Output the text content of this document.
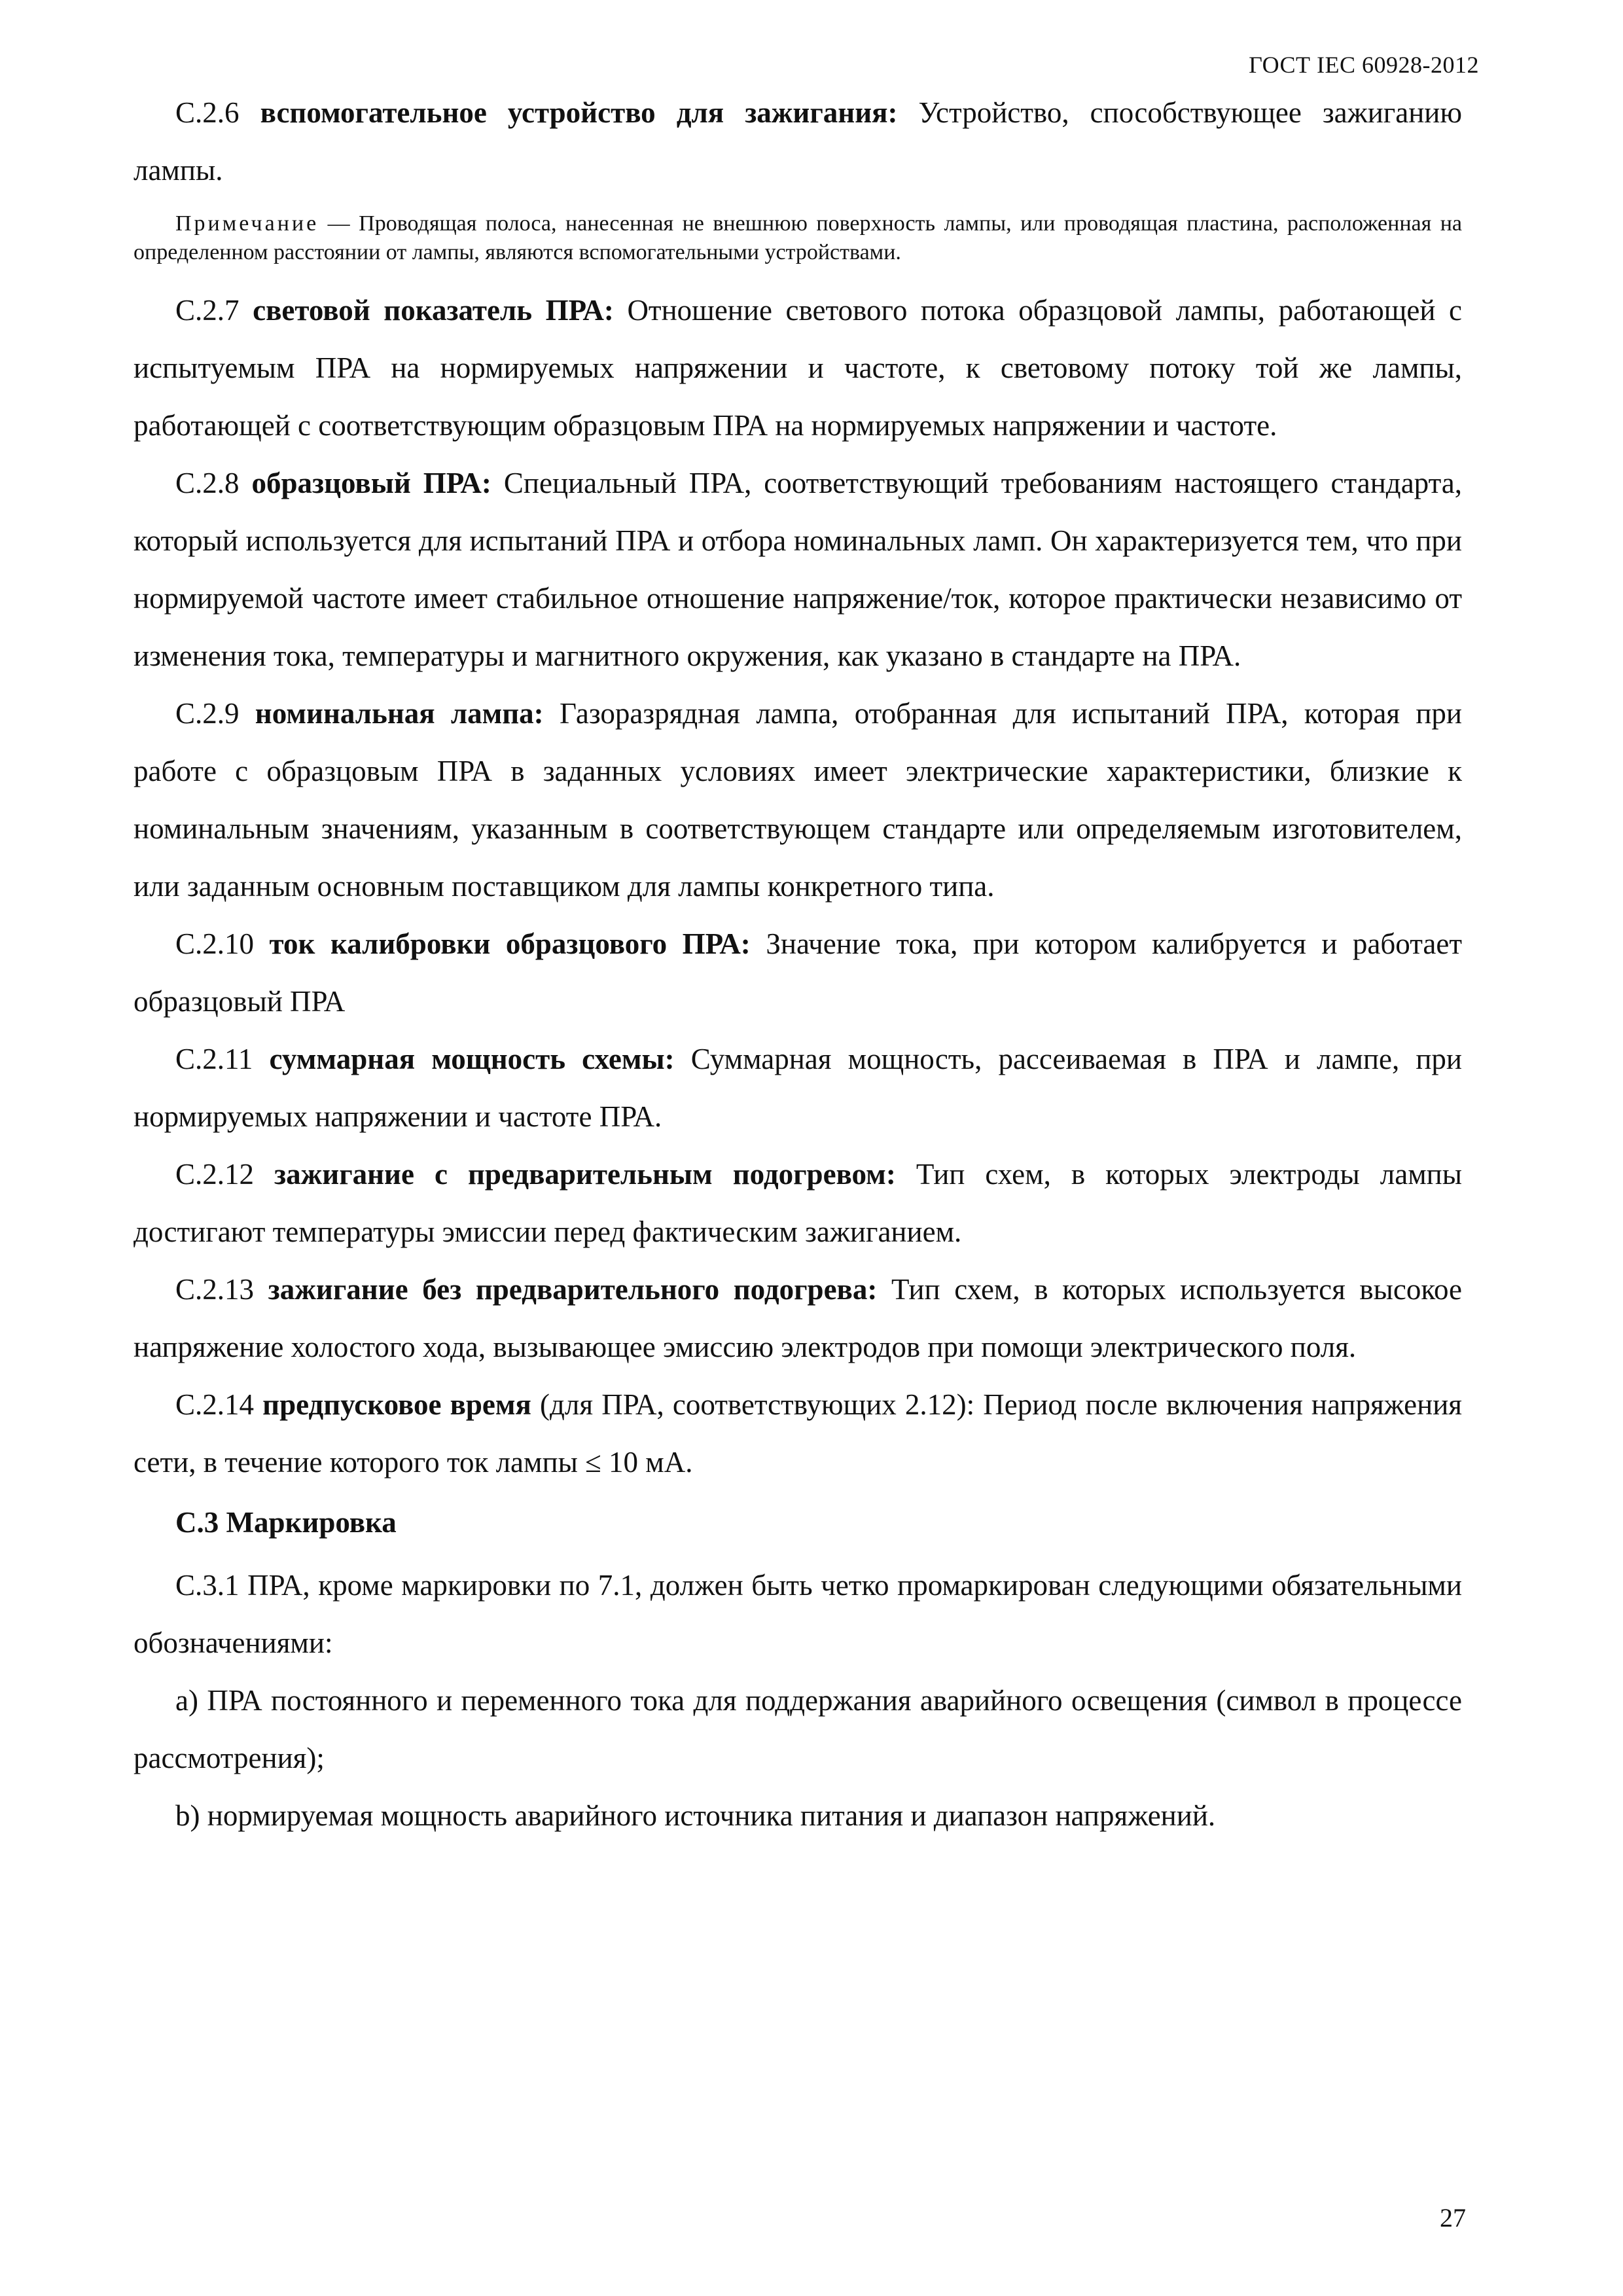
ГОСТ IEC 60928-2012

С.2.6 вспомогательное устройство для зажигания: Устройство, способствующее зажиганию лампы.

Примечание — Проводящая полоса, нанесенная не внешнюю поверхность лампы, или проводящая пластина, расположенная на определенном расстоянии от лампы, являются вспомогательными устройствами.

С.2.7 световой показатель ПРА: Отношение светового потока образцовой лампы, работающей с испытуемым ПРА на нормируемых напряжении и частоте, к световому потоку той же лампы, работающей с соответствующим образцовым ПРА на нормируемых напряжении и частоте.

С.2.8 образцовый ПРА: Специальный ПРА, соответствующий требованиям настоящего стандарта, который используется для испытаний ПРА и отбора номинальных ламп. Он характеризуется тем, что при нормируемой частоте имеет стабильное отношение напряжение/ток, которое практически независимо от изменения тока, температуры и магнитного окружения, как указано в стандарте на ПРА.

С.2.9 номинальная лампа: Газоразрядная лампа, отобранная для испытаний ПРА, которая при работе с образцовым ПРА в заданных условиях имеет электрические характеристики, близкие к номинальным значениям, указанным в соответствующем стандарте или определяемым изготовителем, или заданным основным поставщиком для лампы конкретного типа.

С.2.10 ток калибровки образцового ПРА: Значение тока, при котором калибруется и работает образцовый ПРА

С.2.11 суммарная мощность схемы: Суммарная мощность, рассеиваемая в ПРА и лампе, при нормируемых напряжении и частоте ПРА.

С.2.12 зажигание с предварительным подогревом: Тип схем, в которых электроды лампы достигают температуры эмиссии перед фактическим зажиганием.

С.2.13 зажигание без предварительного подогрева: Тип схем, в которых используется высокое напряжение холостого хода, вызывающее эмиссию электродов при помощи электрического поля.

С.2.14 предпусковое время (для ПРА, соответствующих 2.12): Период после включения напряжения сети, в течение которого ток лампы ≤ 10 мА.

С.3 Маркировка

С.3.1 ПРА, кроме маркировки по 7.1, должен быть четко промаркирован следующими обязательными обозначениями:

а) ПРА постоянного и переменного тока для поддержания аварийного освещения (символ в процессе рассмотрения);

b) нормируемая мощность аварийного источника питания и диапазон напряжений.

27
